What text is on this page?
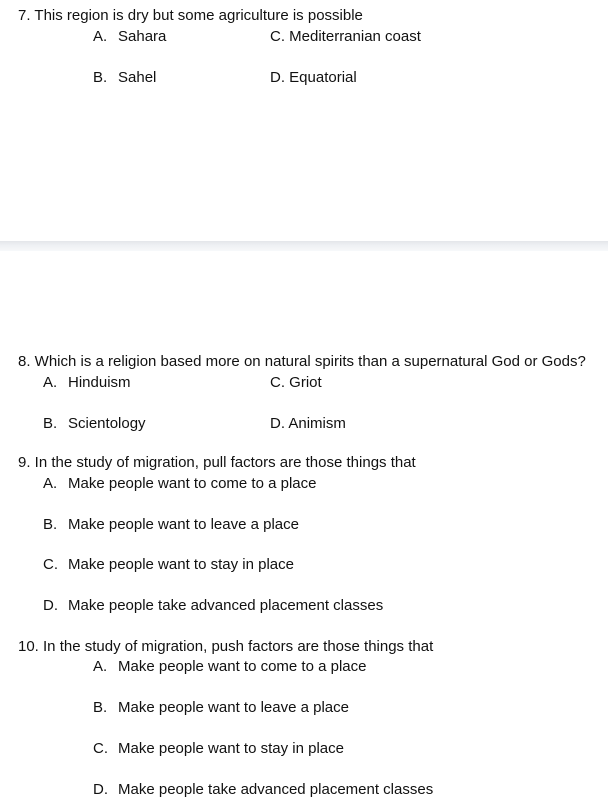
7. This region is dry but some agriculture is possible
A. Sahara	C. Mediterranian coast
B. Sahel	D. Equatorial
8. Which is a religion based more on natural spirits than a supernatural God or Gods?
A. Hinduism	C. Griot
B. Scientology	D. Animism
9. In the study of migration, pull factors are those things that
A. Make people want to come to a place
B. Make people want to leave a place
C. Make people want to stay in place
D. Make people take advanced placement classes
10. In the study of migration, push factors are those things that
A. Make people want to come to a place
B. Make people want to leave a place
C. Make people want to stay in place
D. Make people take advanced placement classes
